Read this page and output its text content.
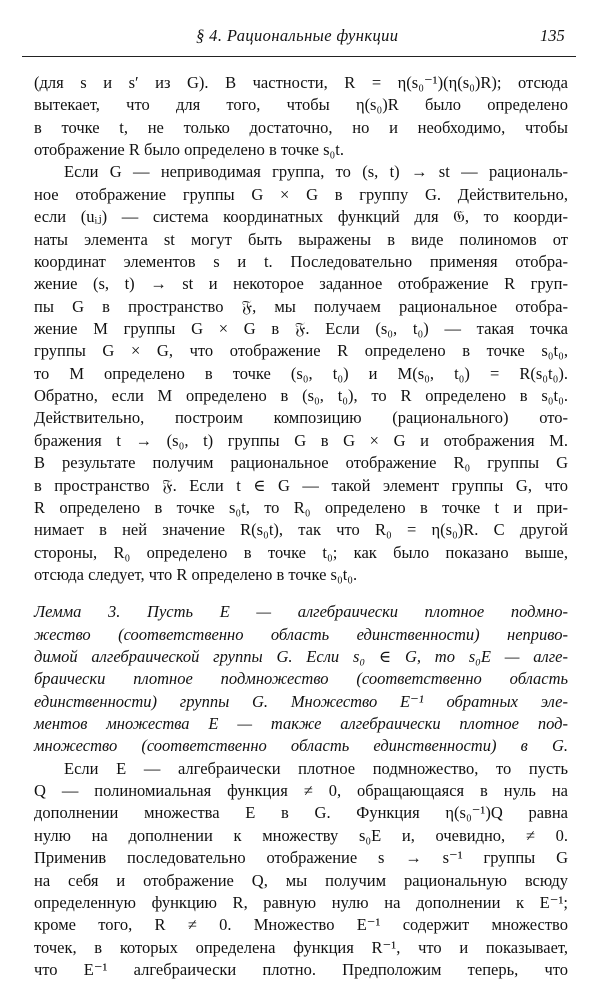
§ 4. Рациональные функции	135
(для s и s′ из G). В частности, R = η(s₀⁻¹)(η(s₀)R); отсюда
вытекает, что для того, чтобы η(s₀)R было определено
в точке t, не только достаточно, но и необходимо, чтобы
отображение R было определено в точке s₀t.
Если G — неприводимая группа, то (s, t) → st — рациональ-
ное отображение группы G × G в группу G. Действительно,
если (uᵢⱼ) — система координатных функций для 𝔊, то коорди-
наты элемента st могут быть выражены в виде полиномов от
координат элементов s и t. Последовательно применяя отобра-
жение (s, t) → st и некоторое заданное отображение R груп-
пы G в пространство 𝔉, мы получаем рациональное отобра-
жение M группы G × G в 𝔉. Если (s₀, t₀) — такая точка
группы G × G, что отображение R определено в точке s₀t₀,
то M определено в точке (s₀, t₀) и M(s₀, t₀) = R(s₀t₀).
Обратно, если M определено в (s₀, t₀), то R определено в s₀t₀.
Действительно, построим композицию (рационального) ото-
бражения t → (s₀, t) группы G в G × G и отображения M.
В результате получим рациональное отображение R₀ группы G
в пространство 𝔉. Если t ∈ G — такой элемент группы G, что
R определено в точке s₀t, то R₀ определено в точке t и при-
нимает в ней значение R(s₀t), так что R₀ = η(s₀)R. С другой
стороны, R₀ определено в точке t₀; как было показано выше,
отсюда следует, что R определено в точке s₀t₀.
Лемма 3. Пусть E — алгебраически плотное подмно-
жество (соответственно область единственности) неприво-
димой алгебраической группы G. Если s₀ ∈ G, то s₀E — алге-
браически плотное подмножество (соответственно область
единственности) группы G. Множество E⁻¹ обратных эле-
ментов множества E — также алгебраически плотное под-
множество (соответственно область единственности) в G.
Если E — алгебраически плотное подмножество, то пусть
Q — полиномиальная функция ≠ 0, обращающаяся в нуль на
дополнении множества E в G. Функция η(s₀⁻¹)Q равна
нулю на дополнении к множеству s₀E и, очевидно, ≠ 0.
Применив последовательно отображение s → s⁻¹ группы G
на себя и отображение Q, мы получим рациональную всюду
определенную функцию R, равную нулю на дополнении к E⁻¹;
кроме того, R ≠ 0. Множество E⁻¹ содержит множество
точек, в которых определена функция R⁻¹, что и показывает,
что E⁻¹ алгебраически плотно. Предположим теперь, что
